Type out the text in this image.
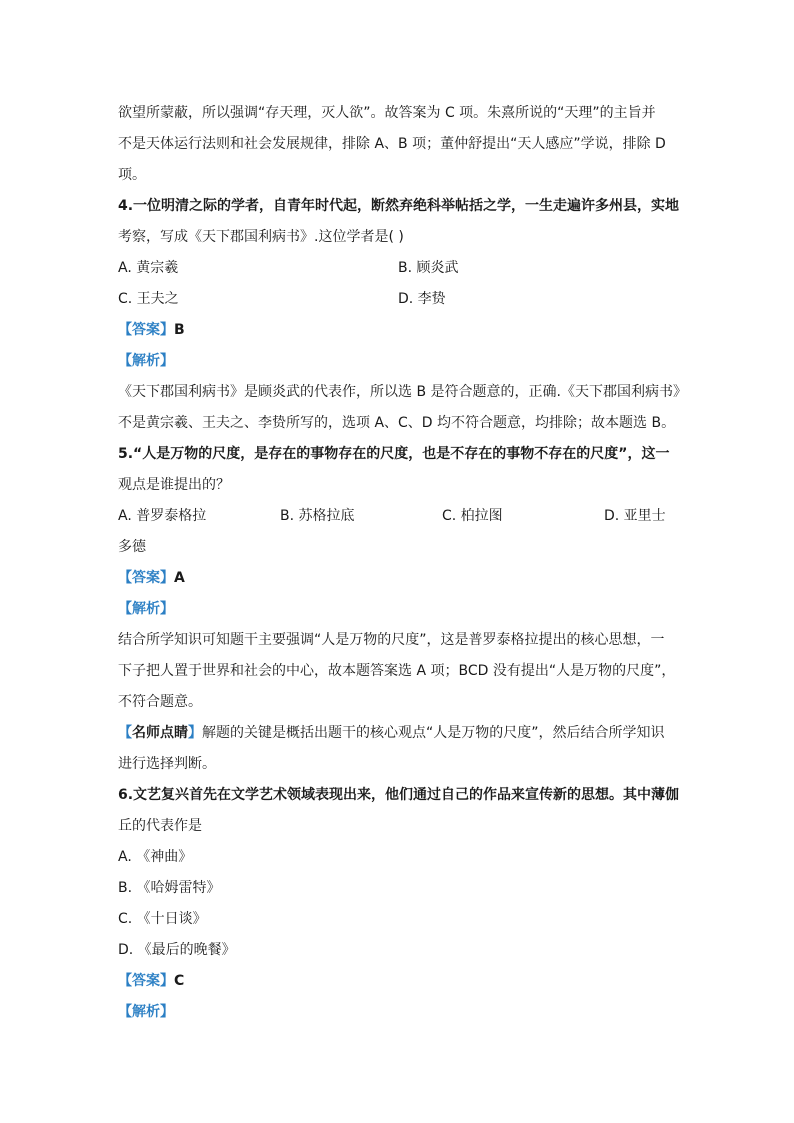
欲望所蒙蔽，所以强调“存天理，灭人欲”。故答案为 C 项。朱熹所说的“天理”的主旨并
不是天体运行法则和社会发展规律，排除 A、B 项；董仲舒提出“天人感应”学说，排除 D
项。
4.一位明清之际的学者，自青年时代起，断然弃绝科举帖括之学，一生走遍许多州县，实地
考察，写成《天下郡国利病书》.这位学者是( )
A. 黄宗羲	B. 顾炎武
C. 王夫之	D. 李贽
【答案】B
【解析】
《天下郡国利病书》是顾炎武的代表作，所以选 B 是符合题意的，正确.《天下郡国利病书》
不是黄宗羲、王夫之、李贽所写的，选项 A、C、D 均不符合题意，均排除；故本题选 B。
5.“人是万物的尺度，是存在的事物存在的尺度，也是不存在的事物不存在的尺度”，这一
观点是谁提出的？
A. 普罗泰格拉	B. 苏格拉底	C. 柏拉图	D. 亚里士
多德
【答案】A
【解析】
结合所学知识可知题干主要强调“人是万物的尺度”，这是普罗泰格拉提出的核心思想，一
下子把人置于世界和社会的中心，故本题答案选 A 项；BCD 没有提出“人是万物的尺度”，
不符合题意。
【名师点睛】解题的关键是概括出题干的核心观点“人是万物的尺度”，然后结合所学知识
进行选择判断。
6.文艺复兴首先在文学艺术领域表现出来，他们通过自己的作品来宣传新的思想。其中薄伽
丘的代表作是
A. 《神曲》
B. 《哈姆雷特》
C. 《十日谈》
D. 《最后的晚餐》
【答案】C
【解析】
